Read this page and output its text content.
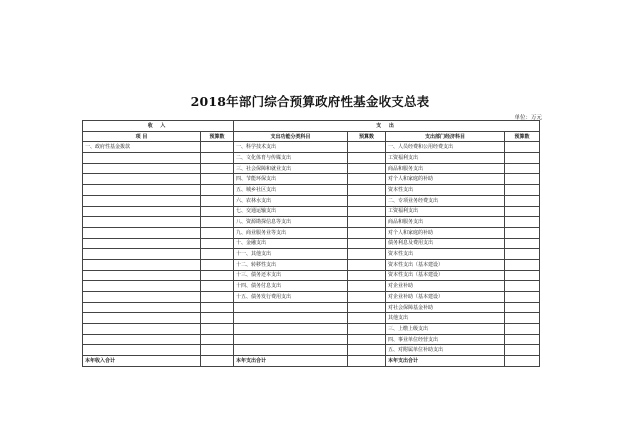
2018年部门综合预算政府性基金收支总表
单位：万元
收 入		支 出			
项 目	预算数	支出功能分类科目	预算数	支出部门经济科目	预算数
一、政府性基金拨款		一、科学技术支出		一、人员经费和公用经费支出	
		二、文化体育与传媒支出		工资福利支出	
		三、社会保障和就业支出		商品和服务支出	
		四、节能环保支出		对个人和家庭的补助	
		五、城乡社区支出		资本性支出	
		六、农林水支出		二、专项业务经费支出	
		七、交通运输支出		工资福利支出	
		八、资源勘探信息等支出		商品和服务支出	
		九、商业服务业等支出		对个人和家庭的补助	
		十、金融支出		债务利息及费用支出	
		十一、其他支出		资本性支出	
		十二、转移性支出		资本性支出（基本建设）	
		十三、债务还本支出		资本性支出（基本建设）	
		十四、债务付息支出		对企业补助	
		十五、债务发行费用支出		对企业补助（基本建设）	
				对社会保障基金补助	
				其他支出	
				三、上缴上级支出	
				四、事业单位经营支出	
				五、对附属单位补助支出	
本年收入合计		本年支出合计		本年支出合计	
